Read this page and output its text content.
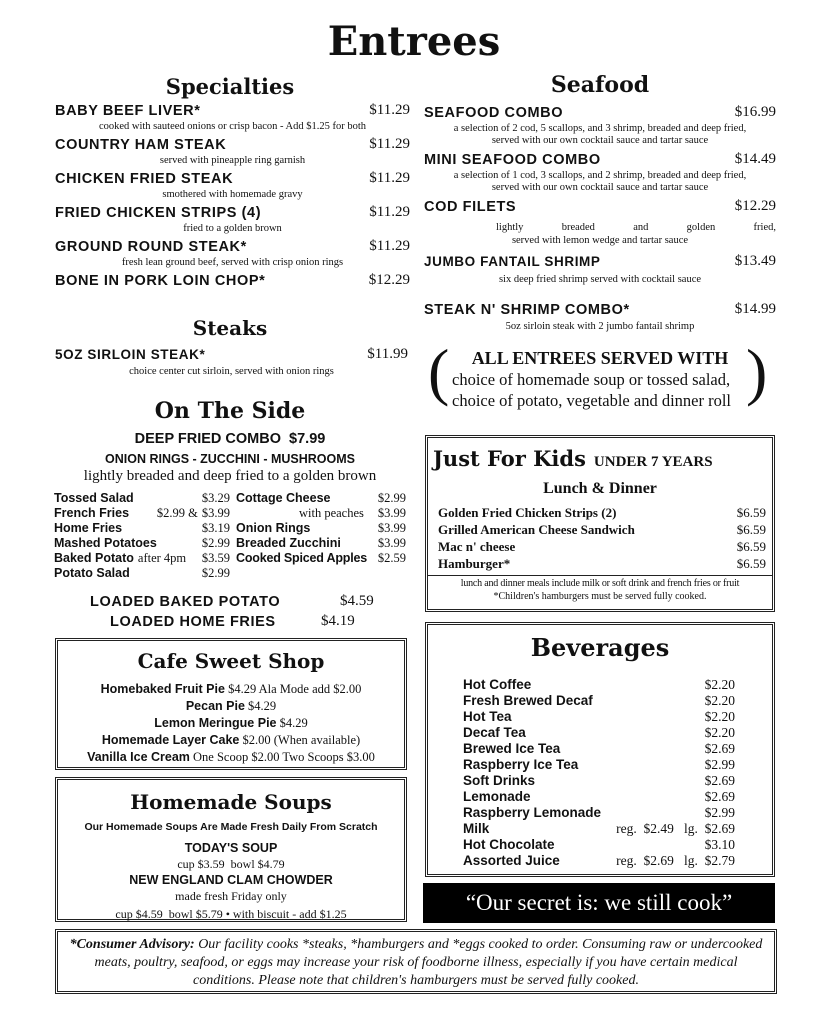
Entrees
Specialties
BABY BEEF LIVER*	$11.29
cooked with sauteed onions or crisp bacon - Add $1.25 for both
COUNTRY HAM STEAK	$11.29
served with pineapple ring garnish
CHICKEN FRIED STEAK	$11.29
smothered with homemade gravy
FRIED CHICKEN STRIPS (4)	$11.29
fried to a golden brown
GROUND ROUND STEAK*	$11.29
fresh lean ground beef, served with crisp onion rings
BONE IN PORK LOIN CHOP*	$12.29
Steaks
5OZ SIRLOIN STEAK*	$11.99
choice center cut sirloin, served with onion rings
Seafood
SEAFOOD COMBO	$16.99
a selection of 2 cod, 5 scallops, and 3 shrimp, breaded and deep fried,
served with our own cocktail sauce and tartar sauce
MINI SEAFOOD COMBO	$14.49
a selection of 1 cod, 3 scallops, and 2 shrimp, breaded and deep fried,
served with our own cocktail sauce and tartar sauce
COD FILETS	$12.29
lightly breaded and golden fried,
served with lemon wedge and tartar sauce
JUMBO FANTAIL SHRIMP	$13.49
six deep fried shrimp served with cocktail sauce
STEAK N' SHRIMP COMBO*	$14.99
5oz sirloin steak with 2 jumbo fantail shrimp
(	)
ALL ENTREES SERVED WITH
choice of homemade soup or tossed salad,
choice of potato, vegetable and dinner roll
On The Side
DEEP FRIED COMBO  $7.99
ONION RINGS - ZUCCHINI - MUSHROOMS
lightly breaded and deep fried to a golden brown
Tossed Salad	$3.29
French Fries	$2.99 & $3.99
Home Fries	$3.19
Mashed Potatoes	$2.99
Baked Potato after 4pm	$3.59
Potato Salad	$2.99
Cottage Cheese	$2.99
with peaches $3.99
Onion Rings	$3.99
Breaded Zucchini	$3.99
Cooked Spiced Apples $2.59
LOADED BAKED POTATO	$4.59
LOADED HOME FRIES	$4.19
Just For Kids UNDER 7 YEARS
Lunch & Dinner
Golden Fried Chicken Strips (2)	$6.59
Grilled American Cheese Sandwich	$6.59
Mac n' cheese	$6.59
Hamburger*	$6.59
lunch and dinner meals include milk or soft drink and french fries or fruit
*Children's hamburgers must be served fully cooked.
Cafe Sweet Shop
Homebaked Fruit Pie $4.29 Ala Mode add $2.00
Pecan Pie $4.29
Lemon Meringue Pie $4.29
Homemade Layer Cake $2.00 (When available)
Vanilla Ice Cream One Scoop $2.00 Two Scoops $3.00
Homemade Soups
Our Homemade Soups Are Made Fresh Daily From Scratch
TODAY'S SOUP
cup $3.59  bowl $4.79
NEW ENGLAND CLAM CHOWDER
made fresh Friday only
cup $4.59  bowl $5.79 • with biscuit - add $1.25
Beverages
Hot Coffee	$2.20
Fresh Brewed Decaf	$2.20
Hot Tea	$2.20
Decaf Tea	$2.20
Brewed Ice Tea	$2.69
Raspberry Ice Tea	$2.99
Soft Drinks	$2.69
Lemonade	$2.69
Raspberry Lemonade	$2.99
Milk	reg.  $2.49   lg.  $2.69
Hot Chocolate	$3.10
Assorted Juice	reg.  $2.69   lg.  $2.79
“Our secret is: we still cook”
*Consumer Advisory: Our facility cooks *steaks, *hamburgers and *eggs cooked to order. Consuming raw or undercooked meats, poultry, seafood, or eggs may increase your risk of foodborne illness, especially if you have certain medical conditions. Please note that children's hamburgers must be served fully cooked.
